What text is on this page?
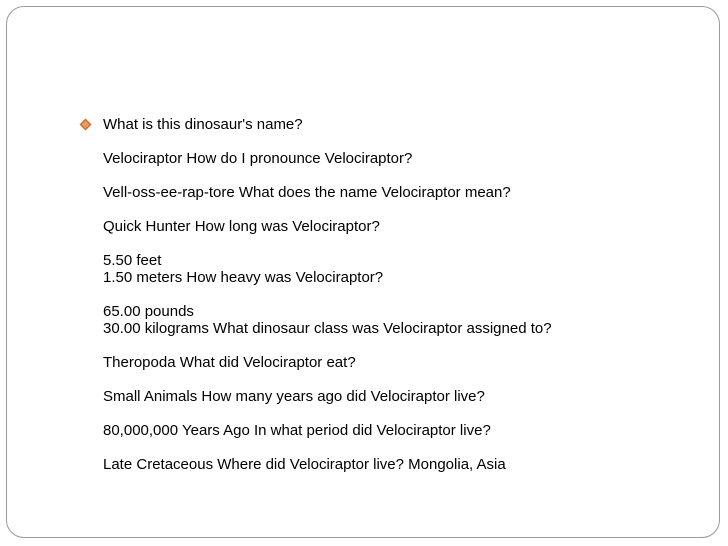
What is this dinosaur's name?

Velociraptor How do I pronounce Velociraptor?

Vell-oss-ee-rap-tore What does the name Velociraptor mean?

Quick Hunter How long was Velociraptor?

5.50 feet
1.50 meters How heavy was Velociraptor?

65.00 pounds
30.00 kilograms What dinosaur class was Velociraptor assigned to?

Theropoda What did Velociraptor eat?

Small Animals How many years ago did Velociraptor live?

80,000,000 Years Ago In what period did Velociraptor live?

Late Cretaceous Where did Velociraptor live? Mongolia, Asia
